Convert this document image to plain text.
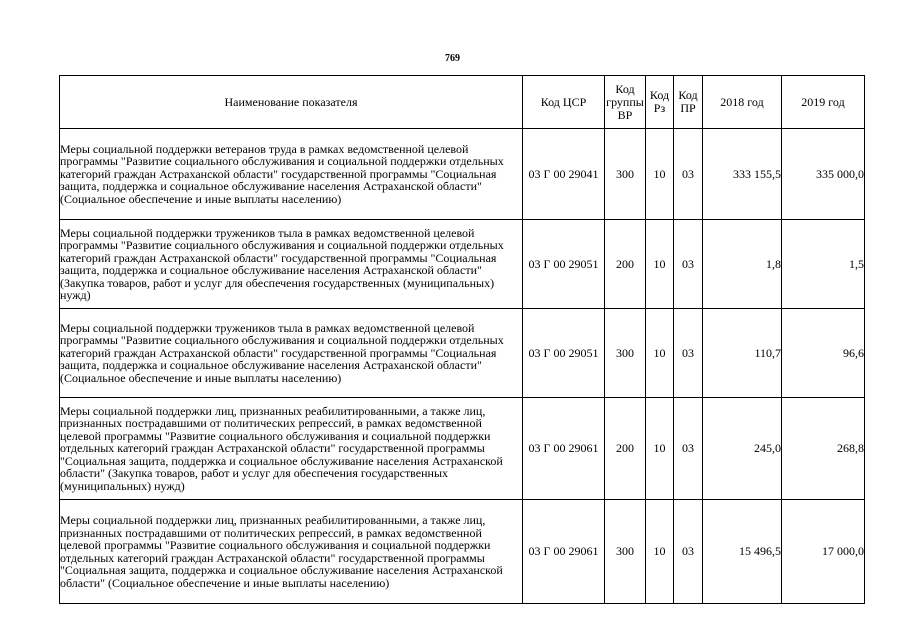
769
Наименование показателя	Код ЦСР	Код группы ВР	Код Рз	Код ПР	2018 год	2019 год
Меры социальной поддержки ветеранов труда в рамках ведомственной целевой программы "Развитие социального обслуживания и социальной поддержки отдельных категорий граждан Астраханской области" государственной программы "Социальная защита, поддержка и социальное обслуживание населения Астраханской области" (Социальное обеспечение и иные выплаты населению)	03 Г 00 29041	300	10	03	333 155,5	335 000,0
Меры социальной поддержки тружеников тыла в рамках ведомственной целевой программы "Развитие социального обслуживания и социальной поддержки отдельных категорий граждан Астраханской области" государственной программы "Социальная защита, поддержка и социальное обслуживание населения Астраханской области" (Закупка товаров, работ и услуг для обеспечения государственных (муниципальных) нужд)	03 Г 00 29051	200	10	03	1,8	1,5
Меры социальной поддержки тружеников тыла в рамках ведомственной целевой программы "Развитие социального обслуживания и социальной поддержки отдельных категорий граждан Астраханской области" государственной программы "Социальная защита, поддержка и социальное обслуживание населения Астраханской области" (Социальное обеспечение и иные выплаты населению)	03 Г 00 29051	300	10	03	110,7	96,6
Меры социальной поддержки лиц, признанных реабилитированными, а также лиц, признанных пострадавшими от политических репрессий, в рамках ведомственной целевой программы "Развитие социального обслуживания и социальной поддержки отдельных категорий граждан Астраханской области" государственной программы "Социальная защита, поддержка и социальное обслуживание населения Астраханской области" (Закупка товаров, работ и услуг для обеспечения государственных (муниципальных) нужд)	03 Г 00 29061	200	10	03	245,0	268,8
Меры социальной поддержки лиц, признанных реабилитированными, а также лиц, признанных пострадавшими от политических репрессий, в рамках ведомственной целевой программы "Развитие социального обслуживания и социальной поддержки отдельных категорий граждан Астраханской области" государственной программы "Социальная защита, поддержка и социальное обслуживание населения Астраханской области" (Социальное обеспечение и иные выплаты населению)	03 Г 00 29061	300	10	03	15 496,5	17 000,0
